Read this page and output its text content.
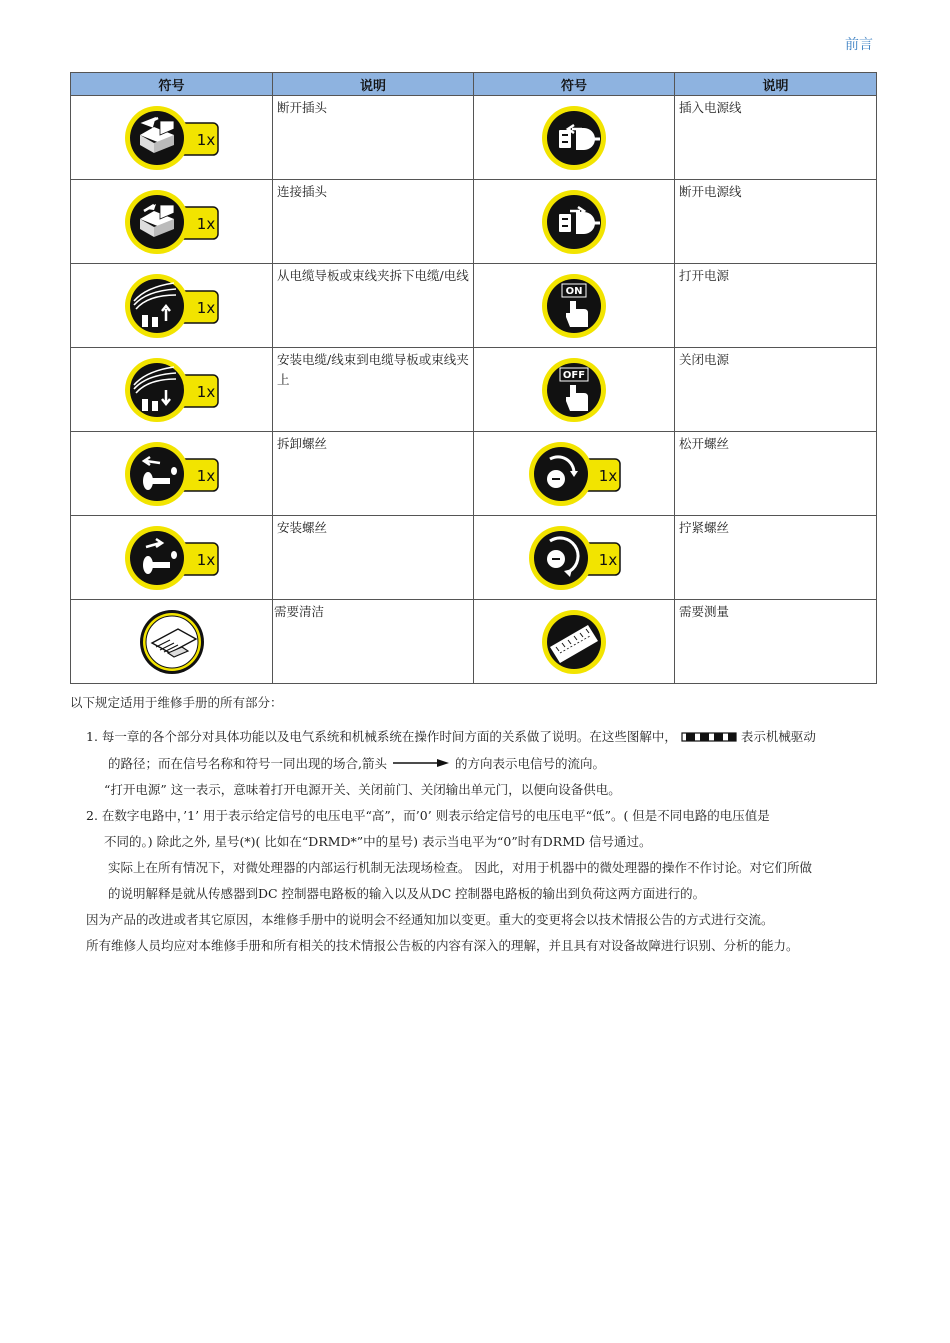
前言
符号	说明	符号	说明

1x	断开插头		插入电源线

1x	连接插头		断开电源线

1x	从电缆导板或束线夹拆下电缆/电线	ON	打开电源

1x	安装电缆/线束到电缆导板或束线夹上	OFF	关闭电源

1x	拆卸螺丝	1x	松开螺丝

1x	安装螺丝	1x	拧紧螺丝

	需要清洁		需要测量

以下规定适用于维修手册的所有部分：

1. 每一章的各个部分对具体功能以及电气系统和机械系统在操作时间方面的关系做了说明。在这些图解中，	表示机械驱动

的路径；而在信号名称和符号一同出现的场合,箭头	的方向表示电信号的流向。

“打开电源” 这一表示，意味着打开电源开关、关闭前门、关闭输出单元门，以便向设备供电。

2. 在数字电路中，’1’ 用于表示给定信号的电压电平“高”，而’0’ 则表示给定信号的电压电平“低”。( 但是不同电路的电压值是

不同的。) 除此之外, 星号(*)( 比如在“DRMD*”中的星号) 表示当电平为“0”时有DRMD 信号通过。

实际上在所有情况下，对微处理器的内部运行机制无法现场检查。 因此，对用于机器中的微处理器的操作不作讨论。对它们所做

的说明解释是就从传感器到DC 控制器电路板的输入以及从DC 控制器电路板的输出到负荷这两方面进行的。

因为产品的改进或者其它原因，本维修手册中的说明会不经通知加以变更。重大的变更将会以技术情报公告的方式进行交流。

所有维修人员均应对本维修手册和所有相关的技术情报公告板的内容有深入的理解，并且具有对设备故障进行识别、分析的能力。
